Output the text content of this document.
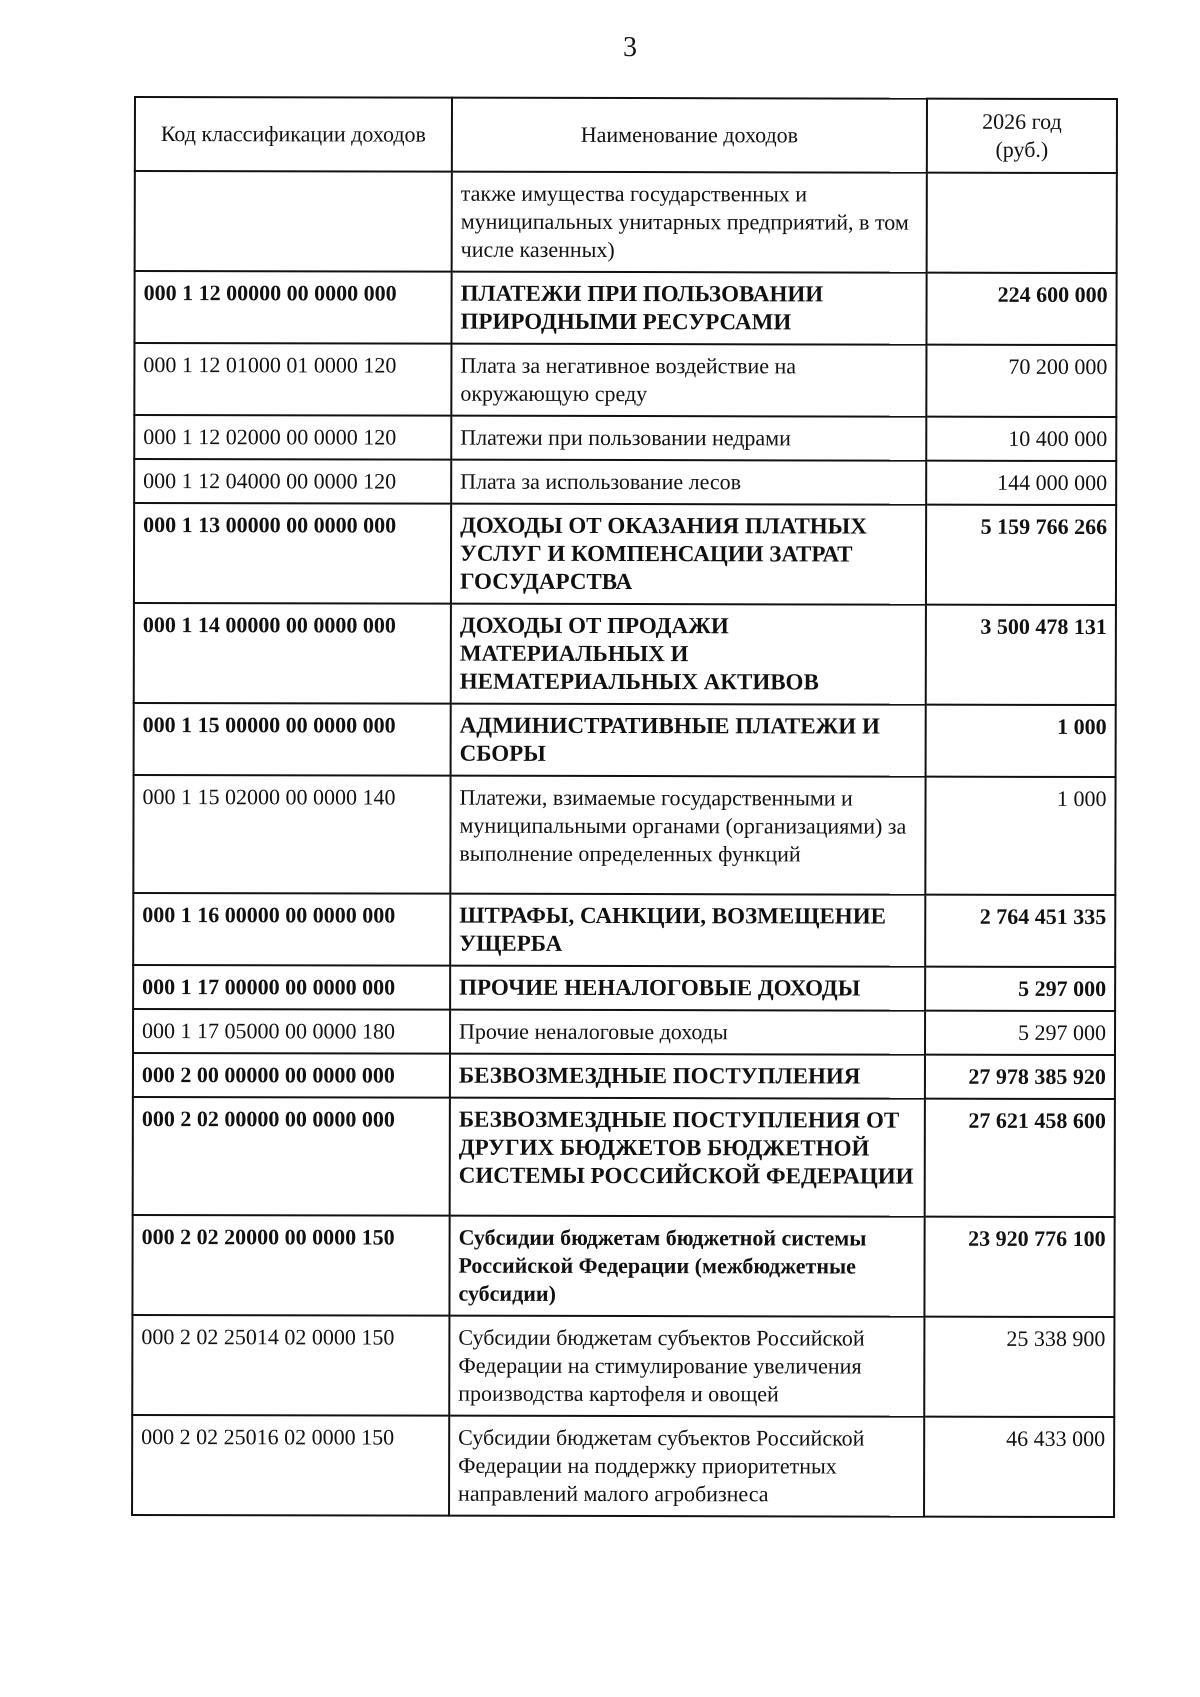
3
Код классификации доходов	Наименование доходов	2026 год
(руб.)
	также имущества государственных и муниципальных унитарных предприятий, в том числе казенных)	
000 1 12 00000 00 0000 000	ПЛАТЕЖИ ПРИ ПОЛЬЗОВАНИИ ПРИРОДНЫМИ РЕСУРСАМИ	224 600 000
000 1 12 01000 01 0000 120	Плата за негативное воздействие на окружающую среду	70 200 000
000 1 12 02000 00 0000 120	Платежи при пользовании недрами	10 400 000
000 1 12 04000 00 0000 120	Плата за использование лесов	144 000 000
000 1 13 00000 00 0000 000	ДОХОДЫ ОТ ОКАЗАНИЯ ПЛАТНЫХ УСЛУГ И КОМПЕНСАЦИИ ЗАТРАТ ГОСУДАРСТВА	5 159 766 266
000 1 14 00000 00 0000 000	ДОХОДЫ ОТ ПРОДАЖИ МАТЕРИАЛЬНЫХ И НЕМАТЕРИАЛЬНЫХ АКТИВОВ	3 500 478 131
000 1 15 00000 00 0000 000	АДМИНИСТРАТИВНЫЕ ПЛАТЕЖИ И СБОРЫ	1 000
000 1 15 02000 00 0000 140	Платежи, взимаемые государственными и муниципальными органами (организациями) за выполнение определенных функций	1 000
000 1 16 00000 00 0000 000	ШТРАФЫ, САНКЦИИ, ВОЗМЕЩЕНИЕ УЩЕРБА	2 764 451 335
000 1 17 00000 00 0000 000	ПРОЧИЕ НЕНАЛОГОВЫЕ ДОХОДЫ	5 297 000
000 1 17 05000 00 0000 180	Прочие неналоговые доходы	5 297 000
000 2 00 00000 00 0000 000	БЕЗВОЗМЕЗДНЫЕ ПОСТУПЛЕНИЯ	27 978 385 920
000 2 02 00000 00 0000 000	БЕЗВОЗМЕЗДНЫЕ ПОСТУПЛЕНИЯ ОТ ДРУГИХ БЮДЖЕТОВ БЮДЖЕТНОЙ СИСТЕМЫ РОССИЙСКОЙ ФЕДЕРАЦИИ	27 621 458 600
000 2 02 20000 00 0000 150	Субсидии бюджетам бюджетной системы Российской Федерации (межбюджетные субсидии)	23 920 776 100
000 2 02 25014 02 0000 150	Субсидии бюджетам субъектов Российской Федерации на стимулирование увеличения производства картофеля и овощей	25 338 900
000 2 02 25016 02 0000 150	Субсидии бюджетам субъектов Российской Федерации на поддержку приоритетных направлений малого агробизнеса	46 433 000
